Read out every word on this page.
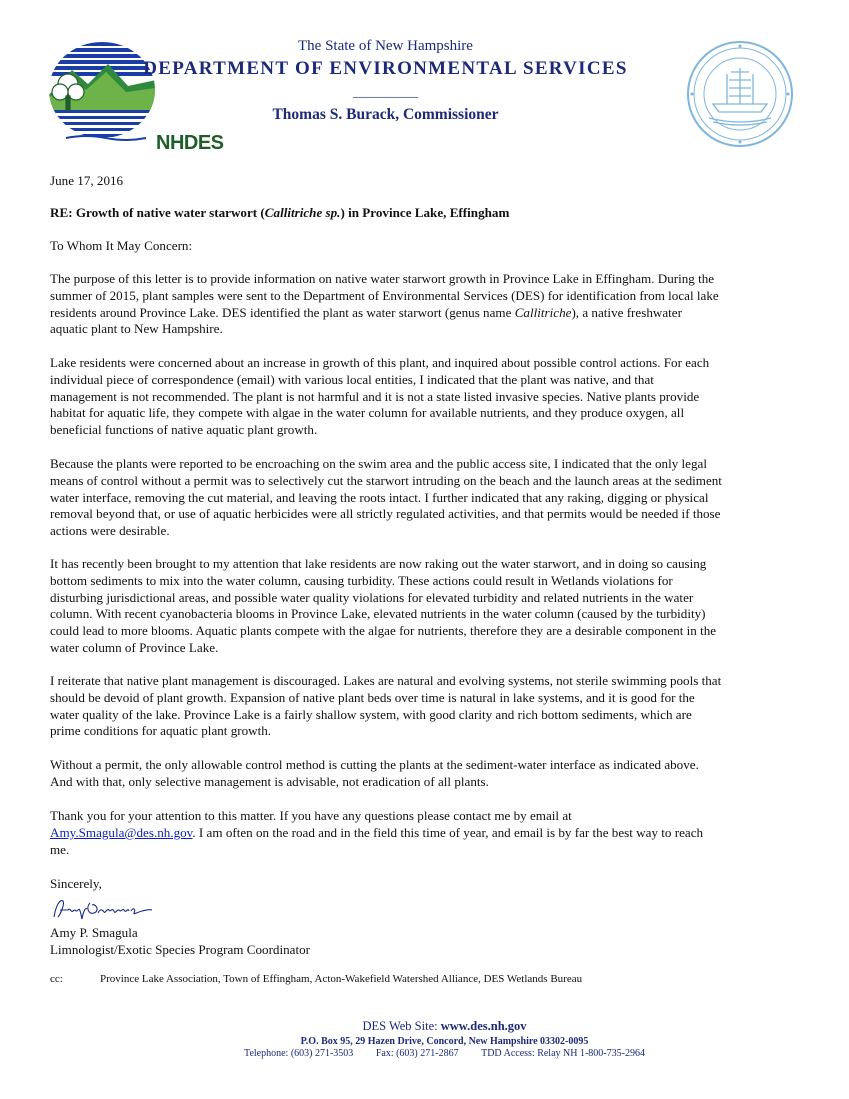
NHDES
The State of New Hampshire
DEPARTMENT OF ENVIRONMENTAL SERVICES
__________
Thomas S. Burack, Commissioner
June 17, 2016
RE: Growth of native water starwort (Callitriche sp.) in Province Lake, Effingham
To Whom It May Concern:
The purpose of this letter is to provide information on native water starwort growth in Province Lake in Effingham. During the
summer of 2015, plant samples were sent to the Department of Environmental Services (DES) for identification from local lake
residents around Province Lake. DES identified the plant as water starwort (genus name Callitriche), a native freshwater
aquatic plant to New Hampshire.
Lake residents were concerned about an increase in growth of this plant, and inquired about possible control actions. For each
individual piece of correspondence (email) with various local entities, I indicated that the plant was native, and that
management is not recommended. The plant is not harmful and it is not a state listed invasive species. Native plants provide
habitat for aquatic life, they compete with algae in the water column for available nutrients, and they produce oxygen, all
beneficial functions of native aquatic plant growth.
Because the plants were reported to be encroaching on the swim area and the public access site, I indicated that the only legal
means of control without a permit was to selectively cut the starwort intruding on the beach and the launch areas at the sediment
water interface, removing the cut material, and leaving the roots intact. I further indicated that any raking, digging or physical
removal beyond that, or use of aquatic herbicides were all strictly regulated activities, and that permits would be needed if those
actions were desirable.
It has recently been brought to my attention that lake residents are now raking out the water starwort, and in doing so causing
bottom sediments to mix into the water column, causing turbidity. These actions could result in Wetlands violations for
disturbing jurisdictional areas, and possible water quality violations for elevated turbidity and related nutrients in the water
column. With recent cyanobacteria blooms in Province Lake, elevated nutrients in the water column (caused by the turbidity)
could lead to more blooms. Aquatic plants compete with the algae for nutrients, therefore they are a desirable component in the
water column of Province Lake.
I reiterate that native plant management is discouraged. Lakes are natural and evolving systems, not sterile swimming pools that
should be devoid of plant growth. Expansion of native plant beds over time is natural in lake systems, and it is good for the
water quality of the lake. Province Lake is a fairly shallow system, with good clarity and rich bottom sediments, which are
prime conditions for aquatic plant growth.
Without a permit, the only allowable control method is cutting the plants at the sediment-water interface as indicated above.
And with that, only selective management is advisable, not eradication of all plants.
Thank you for your attention to this matter. If you have any questions please contact me by email at
Amy.Smagula@des.nh.gov. I am often on the road and in the field this time of year, and email is by far the best way to reach
me.
Sincerely,
Amy P. Smagula
Limnologist/Exotic Species Program Coordinator
cc:	Province Lake Association, Town of Effingham, Acton-Wakefield Watershed Alliance, DES Wetlands Bureau
DES Web Site: www.des.nh.gov
P.O. Box 95, 29 Hazen Drive, Concord, New Hampshire 03302-0095
Telephone: (603) 271-3503 Fax: (603) 271-2867 TDD Access: Relay NH 1-800-735-2964
